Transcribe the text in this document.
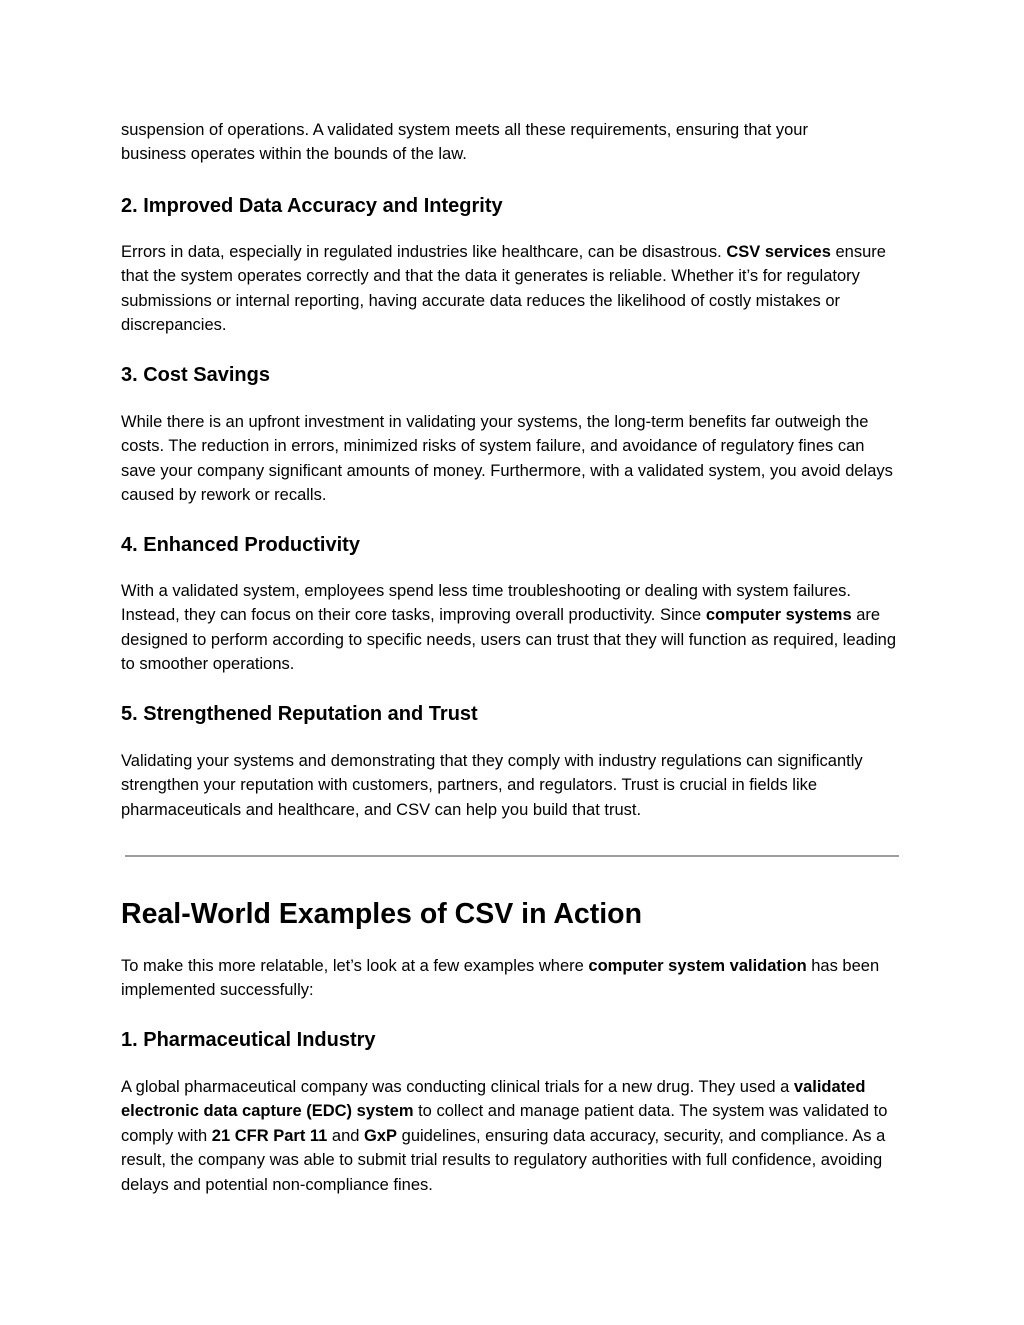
suspension of operations. A validated system meets all these requirements, ensuring that your

business operates within the bounds of the law.

2. Improved Data Accuracy and Integrity

Errors in data, especially in regulated industries like healthcare, can be disastrous. CSV services ensure that the system operates correctly and that the data it generates is reliable. Whether it’s for regulatory submissions or internal reporting, having accurate data reduces the likelihood of costly mistakes or discrepancies.

3. Cost Savings

While there is an upfront investment in validating your systems, the long-term benefits far outweigh the costs. The reduction in errors, minimized risks of system failure, and avoidance of regulatory fines can save your company significant amounts of money. Furthermore, with a validated system, you avoid delays caused by rework or recalls.

4. Enhanced Productivity

With a validated system, employees spend less time troubleshooting or dealing with system failures. Instead, they can focus on their core tasks, improving overall productivity. Since computer systems are designed to perform according to specific needs, users can trust that they will function as required, leading to smoother operations.

5. Strengthened Reputation and Trust

Validating your systems and demonstrating that they comply with industry regulations can significantly strengthen your reputation with customers, partners, and regulators. Trust is crucial in fields like pharmaceuticals and healthcare, and CSV can help you build that trust.

Real-World Examples of CSV in Action

To make this more relatable, let’s look at a few examples where computer system validation has been implemented successfully:

1. Pharmaceutical Industry

A global pharmaceutical company was conducting clinical trials for a new drug. They used a validated electronic data capture (EDC) system to collect and manage patient data. The system was validated to comply with 21 CFR Part 11 and GxP guidelines, ensuring data accuracy, security, and compliance. As a result, the company was able to submit trial results to regulatory authorities with full confidence, avoiding delays and potential non-compliance fines.
